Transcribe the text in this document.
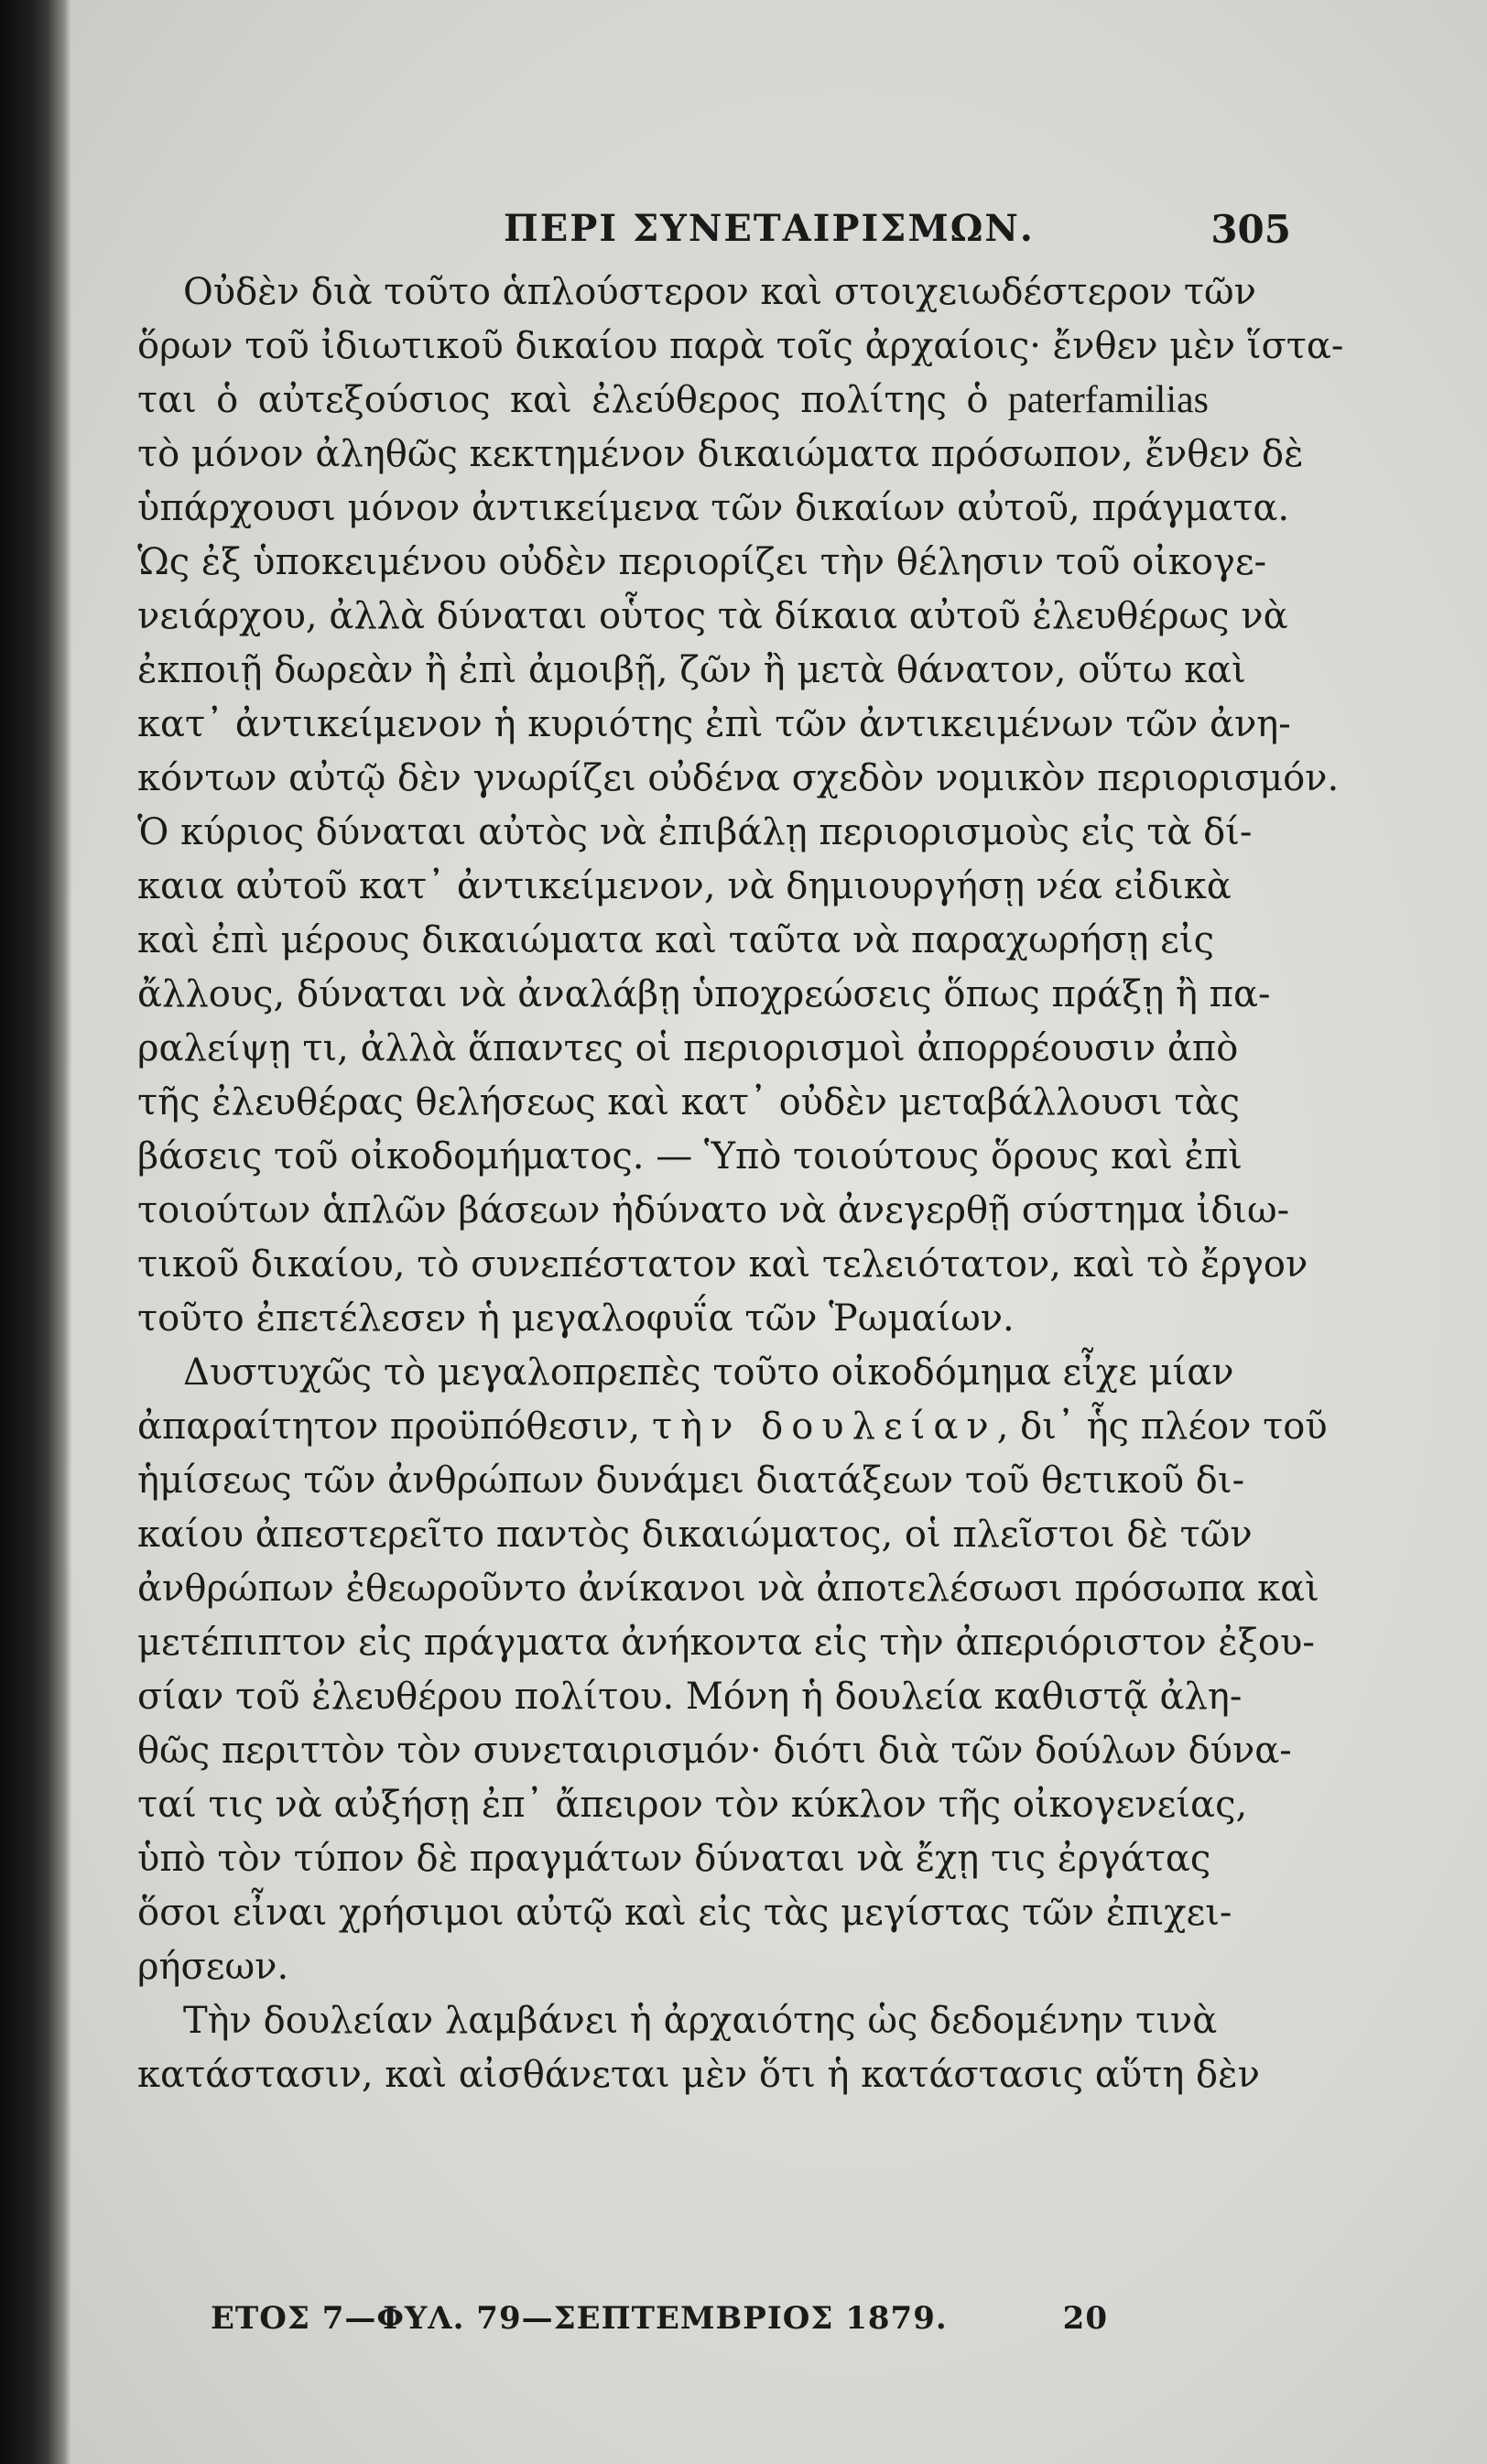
ΠΕΡΙ ΣΥΝΕΤΑΙΡΙΣΜΩΝ.	305
Οὐδὲν διὰ τοῦτο ἁπλούστερον καὶ στοιχειωδέστερον τῶν
ὅρων τοῦ ἰδιωτικοῦ δικαίου παρὰ τοῖς ἀρχαίοις· ἔνθεν μὲν ἵστα-
ται ὁ αὐτεξούσιος καὶ ἐλεύθερος πολίτης ὁ paterfamilias
τὸ μόνον ἀληθῶς κεκτημένον δικαιώματα πρόσωπον, ἔνθεν δὲ
ὑπάρχουσι μόνον ἀντικείμενα τῶν δικαίων αὐτοῦ, πράγματα.
Ὡς ἐξ ὑποκειμένου οὐδὲν περιορίζει τὴν θέλησιν τοῦ οἰκογε-
νειάρχου, ἀλλὰ δύναται οὗτος τὰ δίκαια αὐτοῦ ἐλευθέρως νὰ
ἐκποιῇ δωρεὰν ἢ ἐπὶ ἀμοιβῇ, ζῶν ἢ μετὰ θάνατον, οὕτω καὶ
κατ᾽ ἀντικείμενον ἡ κυριότης ἐπὶ τῶν ἀντικειμένων τῶν ἀνη-
κόντων αὐτῷ δὲν γνωρίζει οὐδένα σχεδὸν νομικὸν περιορισμόν.
Ὁ κύριος δύναται αὐτὸς νὰ ἐπιβάλῃ περιορισμοὺς εἰς τὰ δί-
καια αὐτοῦ κατ᾽ ἀντικείμενον, νὰ δημιουργήσῃ νέα εἰδικὰ
καὶ ἐπὶ μέρους δικαιώματα καὶ ταῦτα νὰ παραχωρήσῃ εἰς
ἄλλους, δύναται νὰ ἀναλάβῃ ὑποχρεώσεις ὅπως πράξῃ ἢ πα-
ραλείψῃ τι, ἀλλὰ ἅπαντες οἱ περιορισμοὶ ἀπορρέουσιν ἀπὸ
τῆς ἐλευθέρας θελήσεως καὶ κατ᾽ οὐδὲν μεταβάλλουσι τὰς
βάσεις τοῦ οἰκοδομήματος. — Ὑπὸ τοιούτους ὅρους καὶ ἐπὶ
τοιούτων ἁπλῶν βάσεων ἠδύνατο νὰ ἀνεγερθῇ σύστημα ἰδιω-
τικοῦ δικαίου, τὸ συνεπέστατον καὶ τελειότατον, καὶ τὸ ἔργον
τοῦτο ἐπετέλεσεν ἡ μεγαλοφυΐα τῶν Ῥωμαίων.
Δυστυχῶς τὸ μεγαλοπρεπὲς τοῦτο οἰκοδόμημα εἶχε μίαν
ἀπαραίτητον προϋπόθεσιν, τὴν δουλείαν, δι᾽ ἧς πλέον τοῦ
ἡμίσεως τῶν ἀνθρώπων δυνάμει διατάξεων τοῦ θετικοῦ δι-
καίου ἀπεστερεῖτο παντὸς δικαιώματος, οἱ πλεῖστοι δὲ τῶν
ἀνθρώπων ἐθεωροῦντο ἀνίκανοι νὰ ἀποτελέσωσι πρόσωπα καὶ
μετέπιπτον εἰς πράγματα ἀνήκοντα εἰς τὴν ἀπεριόριστον ἐξου-
σίαν τοῦ ἐλευθέρου πολίτου. Μόνη ἡ δουλεία καθιστᾷ ἀλη-
θῶς περιττὸν τὸν συνεταιρισμόν· διότι διὰ τῶν δούλων δύνα-
ταί τις νὰ αὐξήσῃ ἐπ᾽ ἄπειρον τὸν κύκλον τῆς οἰκογενείας,
ὑπὸ τὸν τύπον δὲ πραγμάτων δύναται νὰ ἔχῃ τις ἐργάτας
ὅσοι εἶναι χρήσιμοι αὐτῷ καὶ εἰς τὰς μεγίστας τῶν ἐπιχει-
ρήσεων.
Τὴν δουλείαν λαμβάνει ἡ ἀρχαιότης ὡς δεδομένην τινὰ
κατάστασιν, καὶ αἰσθάνεται μὲν ὅτι ἡ κατάστασις αὕτη δὲν
ΕΤΟΣ 7—ΦΥΛ. 79—ΣΕΠΤΕΜΒΡΙΟΣ 1879.	20
